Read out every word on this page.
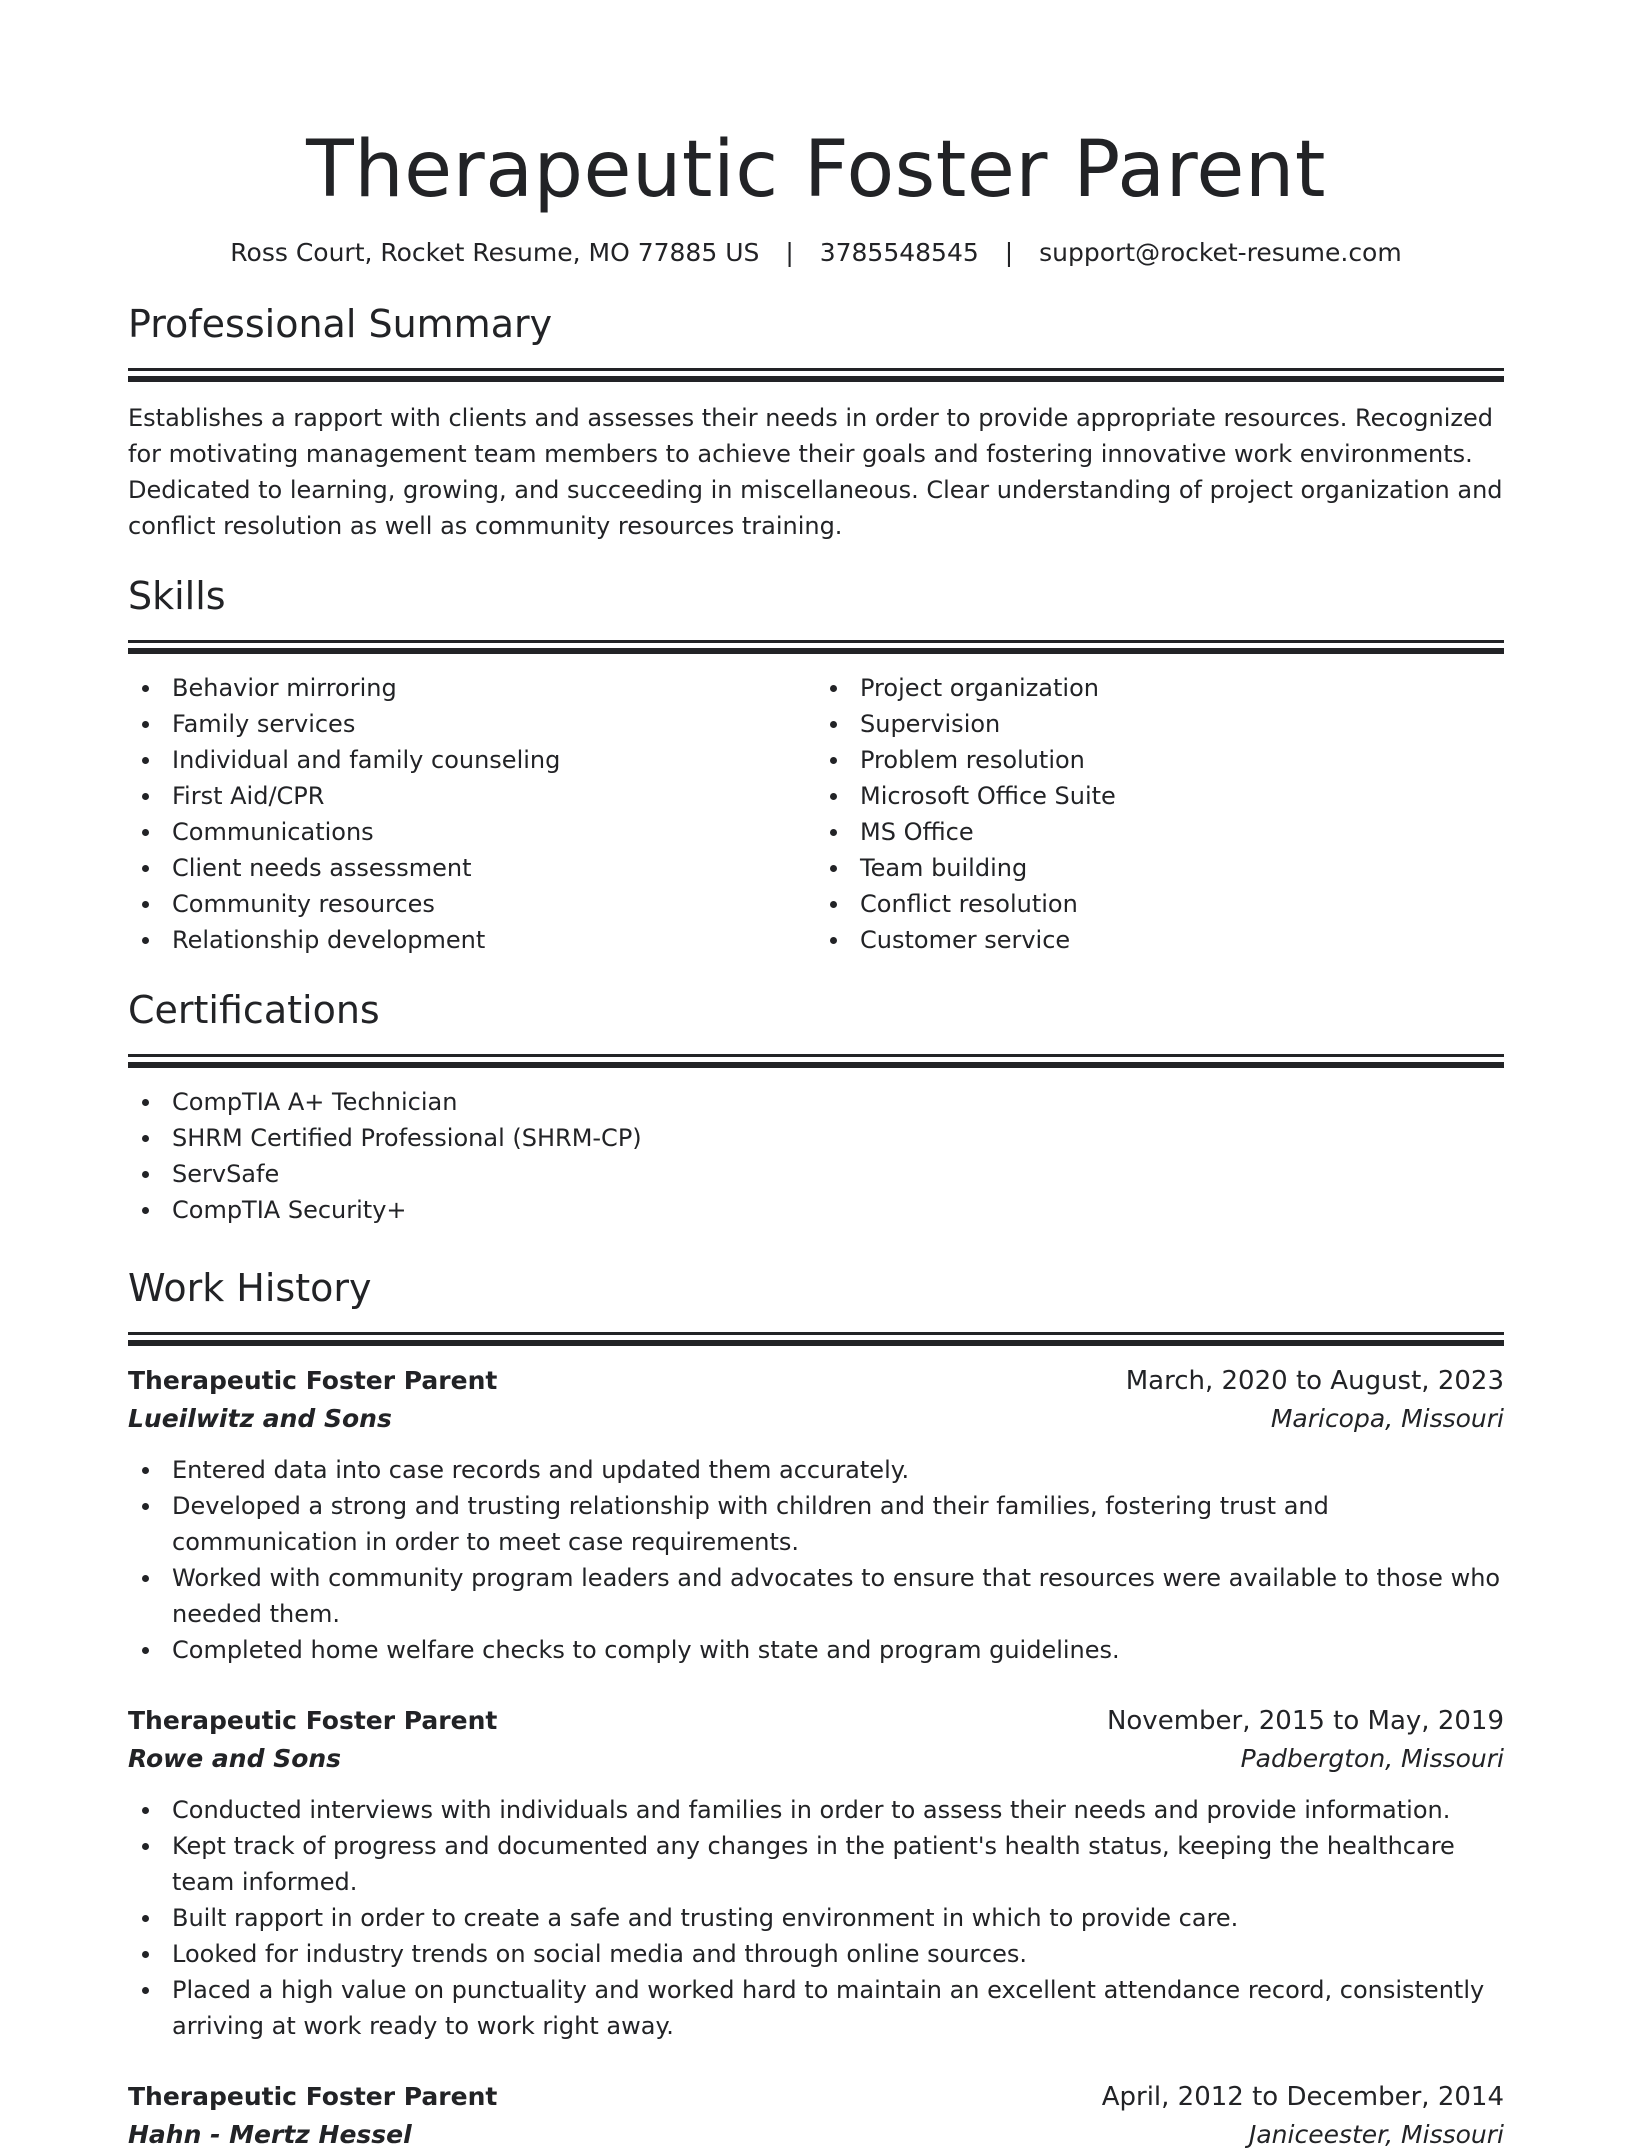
Therapeutic Foster Parent
Ross Court, Rocket Resume, MO 77885 US | 3785548545 | support@rocket-resume.com
Professional Summary

Establishes a rapport with clients and assesses their needs in order to provide appropriate resources. Recognized for motivating management team members to achieve their goals and fostering innovative work environments. Dedicated to learning, growing, and succeeding in miscellaneous. Clear understanding of project organization and conflict resolution as well as community resources training.

Skills
Behavior mirroring
Family services
Individual and family counseling
First Aid/CPR
Communications
Client needs assessment
Community resources
Relationship development
Project organization
Supervision
Problem resolution
Microsoft Office Suite
MS Office
Team building
Conflict resolution
Customer service
Certifications
CompTIA A+ Technician
SHRM Certified Professional (SHRM-CP)
ServSafe
CompTIA Security+
Work History
Therapeutic Foster Parent	March, 2020 to August, 2023
Lueilwitz and Sons	Maricopa, Missouri
Entered data into case records and updated them accurately.
Developed a strong and trusting relationship with children and their families, fostering trust and communication in order to meet case requirements.
Worked with community program leaders and advocates to ensure that resources were available to those who needed them.
Completed home welfare checks to comply with state and program guidelines.
Therapeutic Foster Parent	November, 2015 to May, 2019
Rowe and Sons	Padbergton, Missouri
Conducted interviews with individuals and families in order to assess their needs and provide information.
Kept track of progress and documented any changes in the patient's health status, keeping the healthcare team informed.
Built rapport in order to create a safe and trusting environment in which to provide care.
Looked for industry trends on social media and through online sources.
Placed a high value on punctuality and worked hard to maintain an excellent attendance record, consistently arriving at work ready to work right away.
Therapeutic Foster Parent	April, 2012 to December, 2014
Hahn - Mertz Hessel	Janiceester, Missouri
